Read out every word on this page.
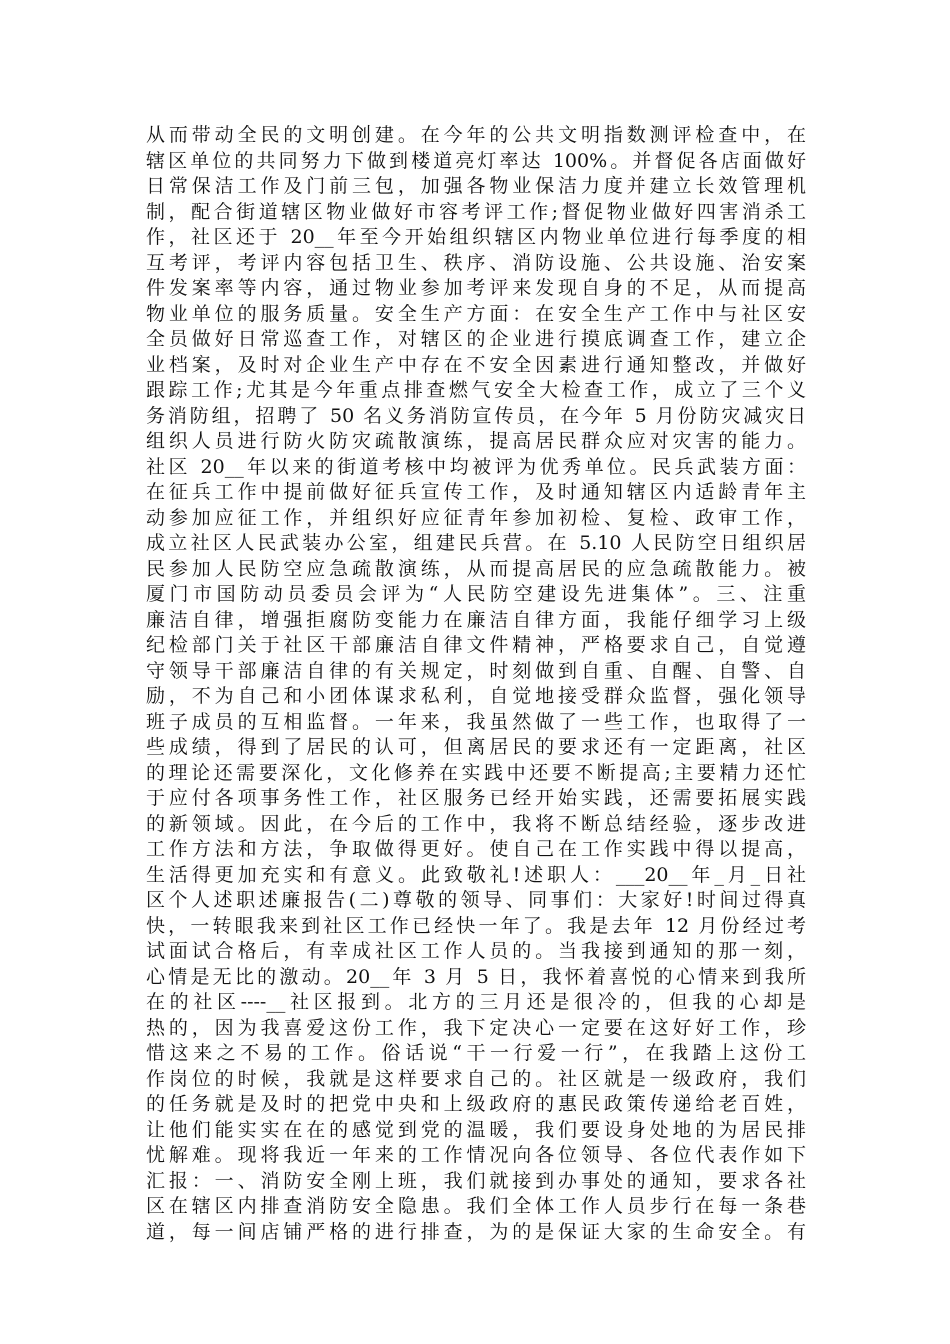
从而带动全民的文明创建。在今年的公共文明指数测评检查中，在
辖区单位的共同努力下做到楼道亮灯率达 100%。并督促各店面做好
日常保洁工作及门前三包，加强各物业保洁力度并建立长效管理机
制，配合街道辖区物业做好市容考评工作;督促物业做好四害消杀工
作，社区还于 20__年至今开始组织辖区内物业单位进行每季度的相
互考评，考评内容包括卫生、秩序、消防设施、公共设施、治安案
件发案率等内容，通过物业参加考评来发现自身的不足，从而提高
物业单位的服务质量。安全生产方面：在安全生产工作中与社区安
全员做好日常巡查工作，对辖区的企业进行摸底调查工作，建立企
业档案，及时对企业生产中存在不安全因素进行通知整改，并做好
跟踪工作;尤其是今年重点排查燃气安全大检查工作，成立了三个义
务消防组，招聘了 50 名义务消防宣传员，在今年 5 月份防灾减灾日
组织人员进行防火防灾疏散演练，提高居民群众应对灾害的能力。
社区 20__年以来的街道考核中均被评为优秀单位。民兵武装方面：
在征兵工作中提前做好征兵宣传工作，及时通知辖区内适龄青年主
动参加应征工作，并组织好应征青年参加初检、复检、政审工作，
成立社区人民武装办公室，组建民兵营。在 5.10 人民防空日组织居
民参加人民防空应急疏散演练，从而提高居民的应急疏散能力。被
厦门市国防动员委员会评为“人民防空建设先进集体”。三、注重
廉洁自律，增强拒腐防变能力在廉洁自律方面，我能仔细学习上级
纪检部门关于社区干部廉洁自律文件精神，严格要求自己，自觉遵
守领导干部廉洁自律的有关规定，时刻做到自重、自醒、自警、自
励，不为自己和小团体谋求私利，自觉地接受群众监督，强化领导
班子成员的互相监督。一年来，我虽然做了一些工作，也取得了一
些成绩，得到了居民的认可，但离居民的要求还有一定距离，社区
的理论还需要深化，文化修养在实践中还要不断提高;主要精力还忙
于应付各项事务性工作，社区服务已经开始实践，还需要拓展实践
的新领域。因此，在今后的工作中，我将不断总结经验，逐步改进
工作方法和方法，争取做得更好。使自己在工作实践中得以提高，
生活得更加充实和有意义。此致敬礼!述职人：___20__年_月_日社
区个人述职述廉报告(二)尊敬的领导、同事们：大家好!时间过得真
快，一转眼我来到社区工作已经快一年了。我是去年 12 月份经过考
试面试合格后，有幸成社区工作人员的。当我接到通知的那一刻，
心情是无比的激动。20__年 3 月 5 日，我怀着喜悦的心情来到我所
在的社区----__社区报到。北方的三月还是很冷的，但我的心却是
热的，因为我喜爱这份工作，我下定决心一定要在这好好工作，珍
惜这来之不易的工作。俗话说“干一行爱一行”，在我踏上这份工
作岗位的时候，我就是这样要求自己的。社区就是一级政府，我们
的任务就是及时的把党中央和上级政府的惠民政策传递给老百姓，
让他们能实实在在的感觉到党的温暖，我们要设身处地的为居民排
忧解难。现将我近一年来的工作情况向各位领导、各位代表作如下
汇报：一、消防安全刚上班，我们就接到办事处的通知，要求各社
区在辖区内排查消防安全隐患。我们全体工作人员步行在每一条巷
道，每一间店铺严格的进行排查，为的是保证大家的生命安全。有
